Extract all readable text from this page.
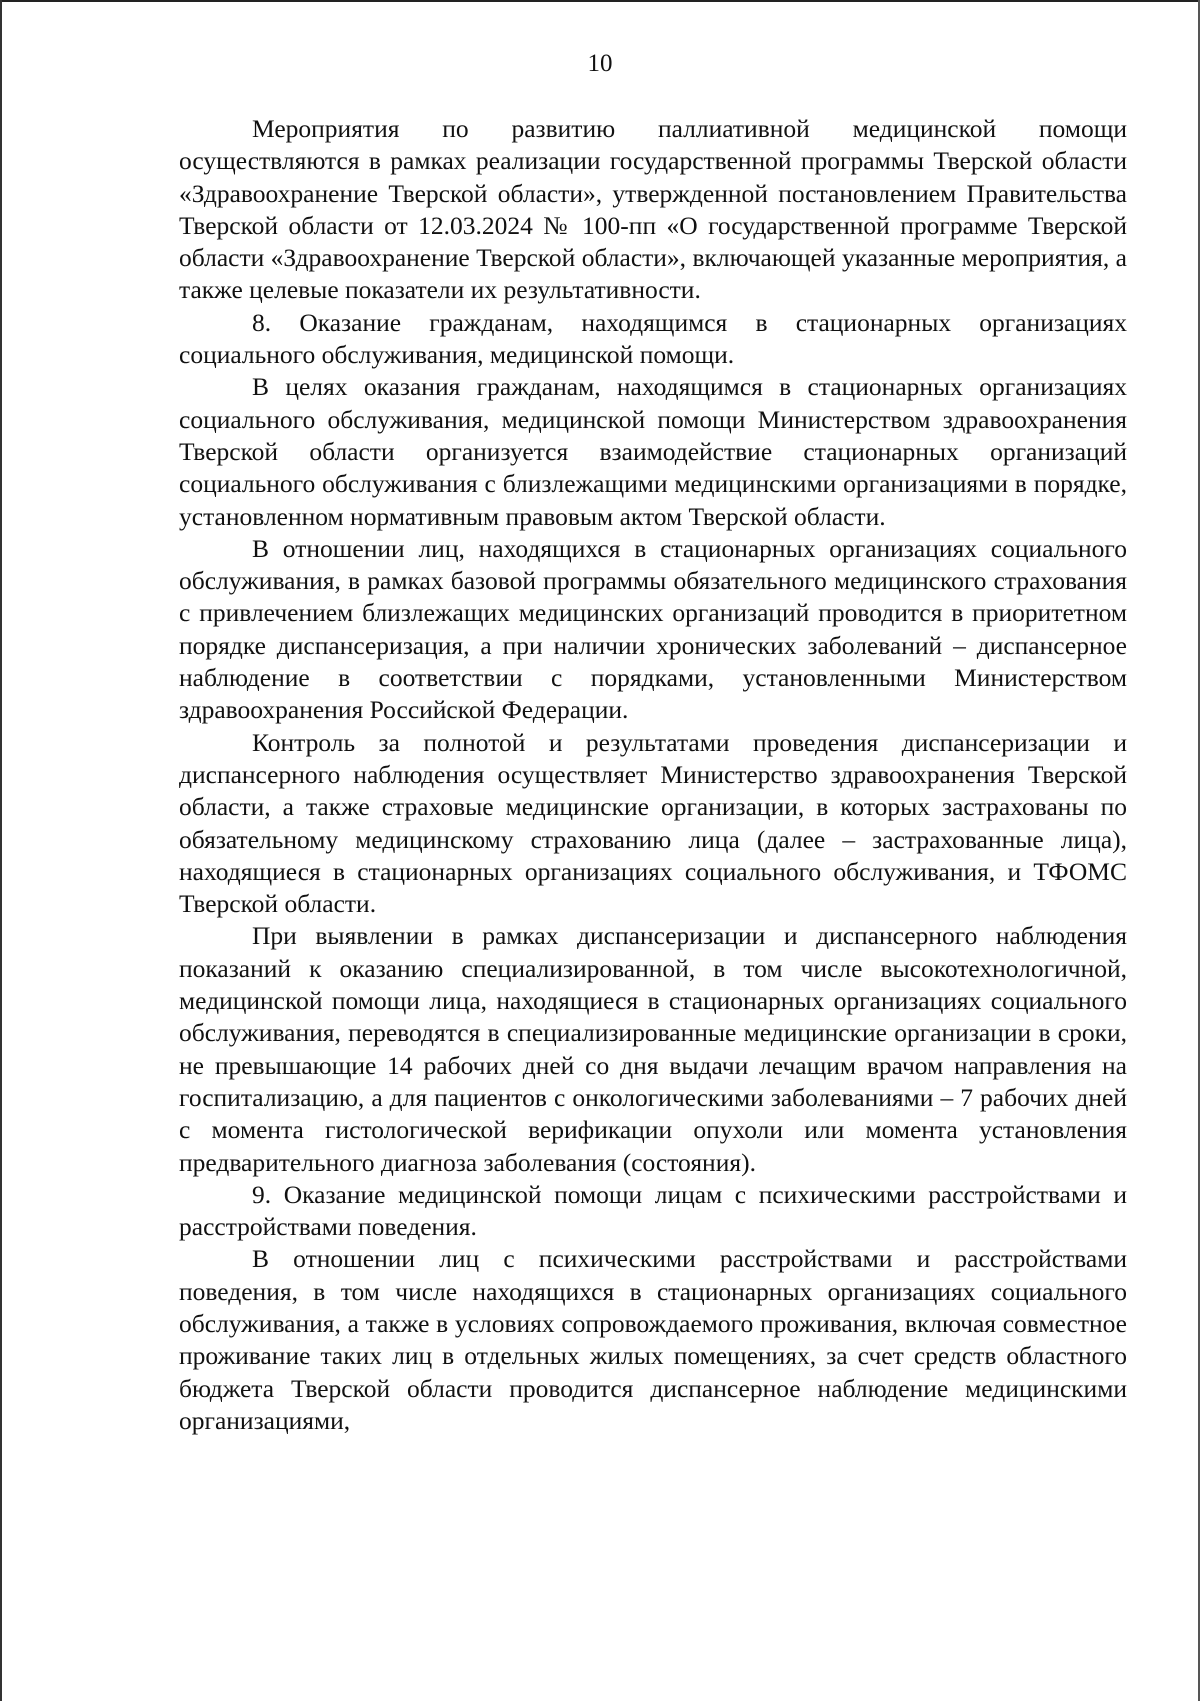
10

Мероприятия по развитию паллиативной медицинской помощи осуществляются в рамках реализации государственной программы Тверской области «Здравоохранение Тверской области», утвержденной постановлением Правительства Тверской области от 12.03.2024 № 100-пп «О государственной программе Тверской области «Здравоохранение Тверской области», включающей указанные мероприятия, а также целевые показатели их результативности.

8. Оказание гражданам, находящимся в стационарных организациях социального обслуживания, медицинской помощи.

В целях оказания гражданам, находящимся в стационарных организациях социального обслуживания, медицинской помощи Министерством здравоохранения Тверской области организуется взаимодействие стационарных организаций социального обслуживания с близлежащими медицинскими организациями в порядке, установленном нормативным правовым актом Тверской области.

В отношении лиц, находящихся в стационарных организациях социального обслуживания, в рамках базовой программы обязательного медицинского страхования с привлечением близлежащих медицинских организаций проводится в приоритетном порядке диспансеризация, а при наличии хронических заболеваний – диспансерное наблюдение в соответствии с порядками, установленными Министерством здравоохранения Российской Федерации.

Контроль за полнотой и результатами проведения диспансеризации и диспансерного наблюдения осуществляет Министерство здравоохранения Тверской области, а также страховые медицинские организации, в которых застрахованы по обязательному медицинскому страхованию лица (далее – застрахованные лица), находящиеся в стационарных организациях социального обслуживания, и ТФОМС Тверской области.

При выявлении в рамках диспансеризации и диспансерного наблюдения показаний к оказанию специализированной, в том числе высокотехнологичной, медицинской помощи лица, находящиеся в стационарных организациях социального обслуживания, переводятся в специализированные медицинские организации в сроки, не превышающие 14 рабочих дней со дня выдачи лечащим врачом направления на госпитализацию, а для пациентов с онкологическими заболеваниями – 7 рабочих дней с момента гистологической верификации опухоли или момента установления предварительного диагноза заболевания (состояния).

9. Оказание медицинской помощи лицам с психическими расстройствами и расстройствами поведения.

В отношении лиц с психическими расстройствами и расстройствами поведения, в том числе находящихся в стационарных организациях социального обслуживания, а также в условиях сопровождаемого проживания, включая совместное проживание таких лиц в отдельных жилых помещениях, за счет средств областного бюджета Тверской области проводится диспансерное наблюдение медицинскими организациями,
